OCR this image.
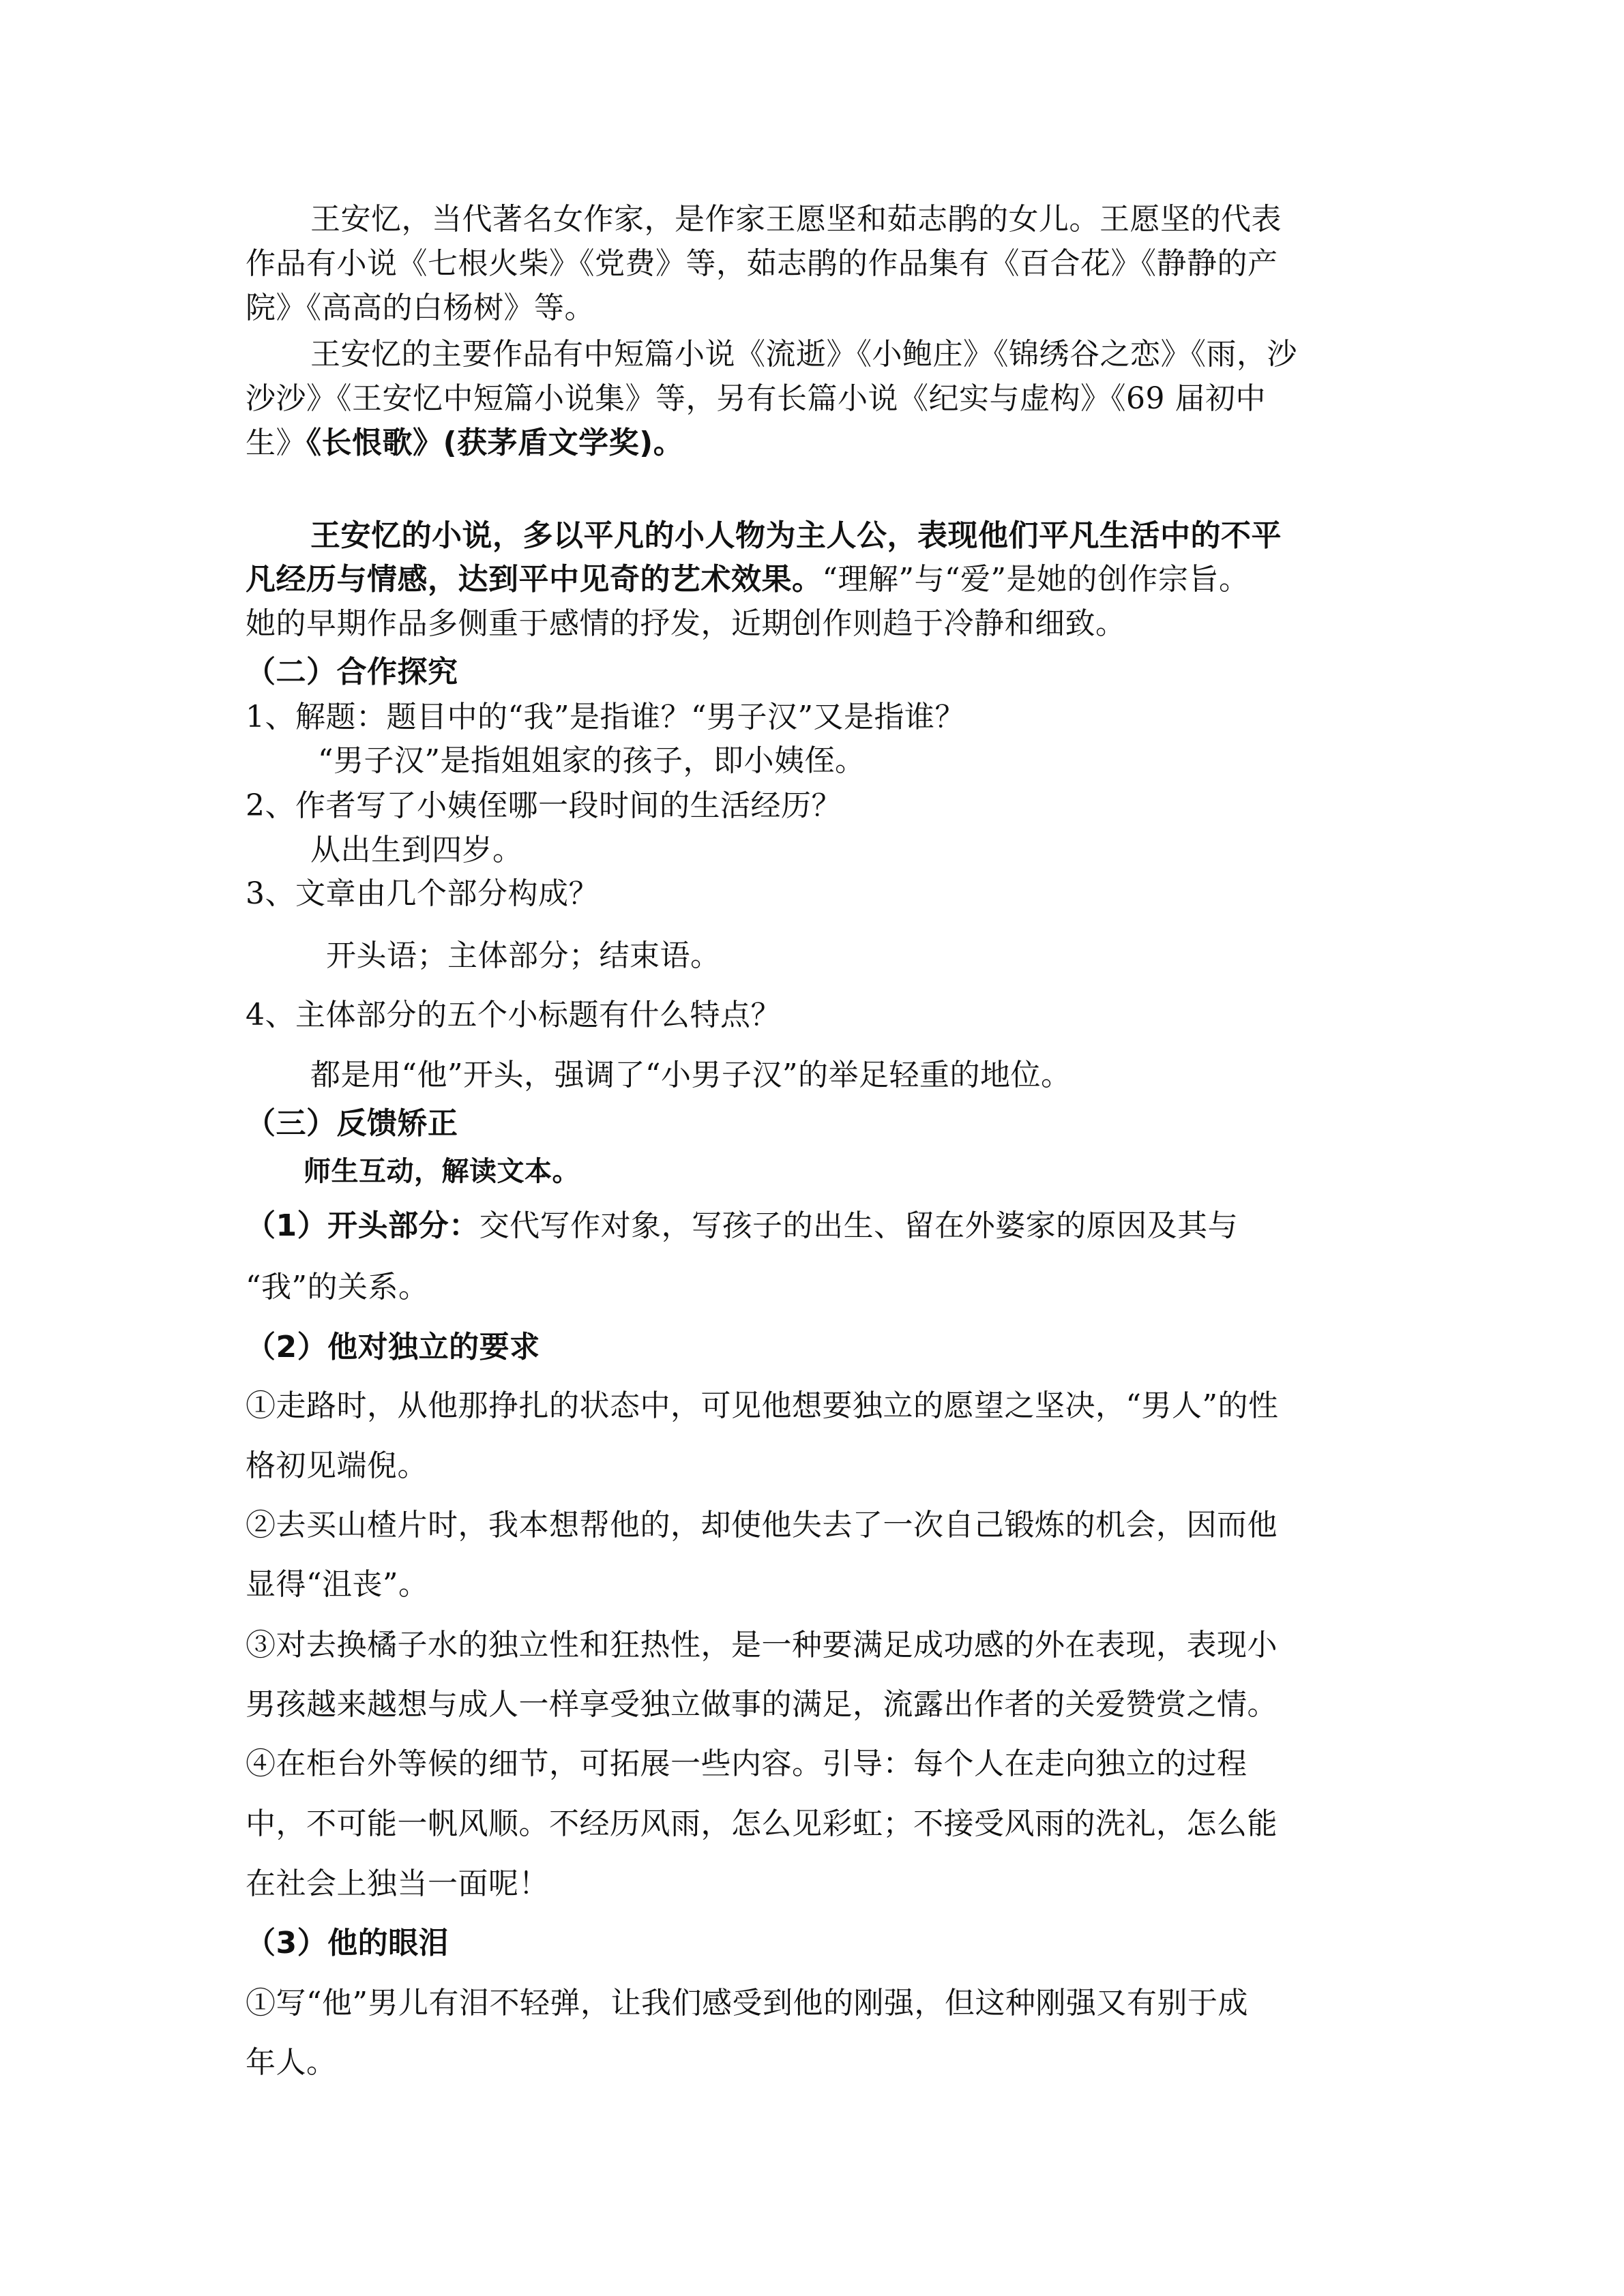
王安忆，当代著名女作家，是作家王愿坚和茹志鹃的女儿。王愿坚的代表
作品有小说《七根火柴》《党费》等，茹志鹃的作品集有《百合花》《静静的产
院》《高高的白杨树》等。
王安忆的主要作品有中短篇小说《流逝》《小鲍庄》《锦绣谷之恋》《雨，沙
沙沙》《王安忆中短篇小说集》等，另有长篇小说《纪实与虚构》《69 届初中
生》《长恨歌》(获茅盾文学奖)。
王安忆的小说，多以平凡的小人物为主人公，表现他们平凡生活中的不平
凡经历与情感，达到平中见奇的艺术效果。“理解”与“爱”是她的创作宗旨。
她的早期作品多侧重于感情的抒发，近期创作则趋于冷静和细致。
（二）合作探究
1、解题：题目中的“我”是指谁？“男子汉”又是指谁？
“男子汉”是指姐姐家的孩子，即小姨侄。
2、作者写了小姨侄哪一段时间的生活经历？
从出生到四岁。
3、文章由几个部分构成？
开头语；主体部分；结束语。
4、主体部分的五个小标题有什么特点？
都是用“他”开头，强调了“小男子汉”的举足轻重的地位。
（三）反馈矫正
师生互动，解读文本。
（1）开头部分：交代写作对象，写孩子的出生、留在外婆家的原因及其与
“我”的关系。
（2）他对独立的要求
①走路时，从他那挣扎的状态中，可见他想要独立的愿望之坚决，“男人”的性
格初见端倪。
②去买山楂片时，我本想帮他的，却使他失去了一次自己锻炼的机会，因而他
显得“沮丧”。
③对去换橘子水的独立性和狂热性，是一种要满足成功感的外在表现，表现小
男孩越来越想与成人一样享受独立做事的满足，流露出作者的关爱赞赏之情。
④在柜台外等候的细节，可拓展一些内容。引导：每个人在走向独立的过程
中，不可能一帆风顺。不经历风雨，怎么见彩虹；不接受风雨的洗礼，怎么能
在社会上独当一面呢！
（3）他的眼泪
①写“他”男儿有泪不轻弹，让我们感受到他的刚强，但这种刚强又有别于成
年人。
